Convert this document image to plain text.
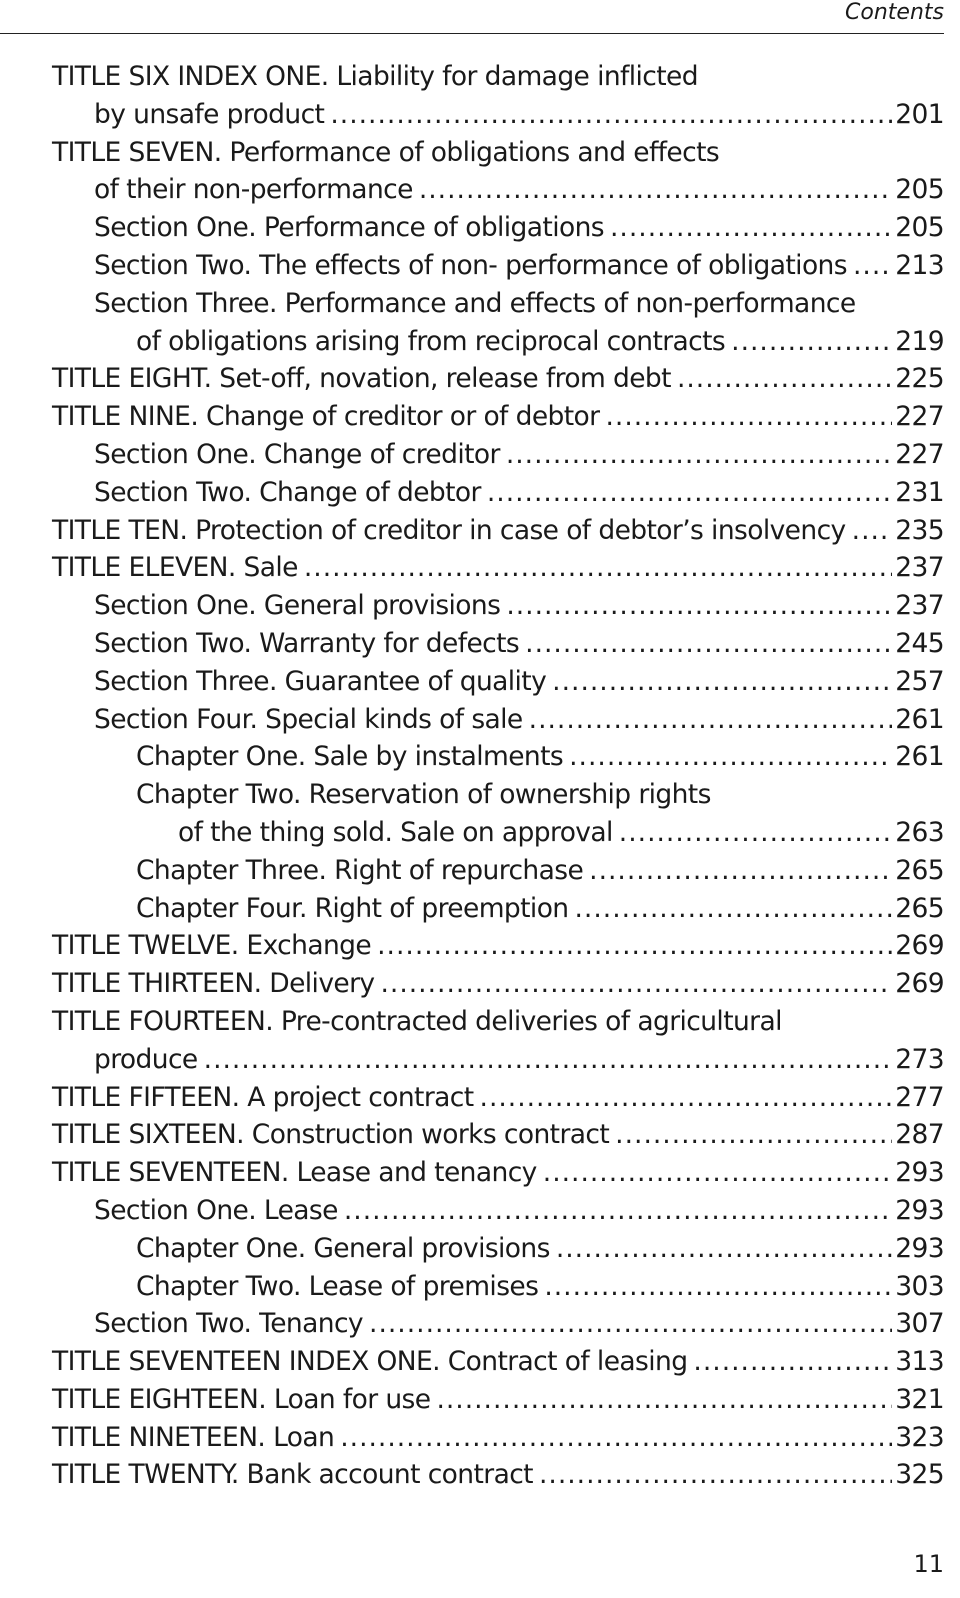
Contents
TITLE SIX INDEX ONE. Liability for damage inflicted
by unsafe product .....	201
TITLE SEVEN. Performance of obligations and effects
of their non-performance .....	205
Section One. Performance of obligations .....	205
Section Two. The effects of non- performance of obligations ..... 213
Section Three. Performance and effects of non-performance
of obligations arising from reciprocal contracts .....	219
TITLE EIGHT. Set-off, novation, release from debt .....	225
TITLE NINE. Change of creditor or of debtor .....	227
Section One. Change of creditor .....	227
Section Two. Change of debtor .....	231
TITLE TEN. Protection of creditor in case of debtor’s insolvency ..... 235
TITLE ELEVEN. Sale .....	237
Section One. General provisions .....	237
Section Two. Warranty for defects .....	245
Section Three. Guarantee of quality .....	257
Section Four. Special kinds of sale .....	261
Chapter One. Sale by instalments .....	261
Chapter Two. Reservation of ownership rights
of the thing sold. Sale on approval .....	263
Chapter Three. Right of repurchase .....	265
Chapter Four. Right of preemption .....	265
TITLE TWELVE. Exchange .....	269
TITLE THIRTEEN. Delivery .....	269
TITLE FOURTEEN. Pre-contracted deliveries of agricultural
produce .....	273
TITLE FIFTEEN. A project contract .....	277
TITLE SIXTEEN. Construction works contract .....	287
TITLE SEVENTEEN. Lease and tenancy .....	293
Section One. Lease .....	293
Chapter One. General provisions .....	293
Chapter Two. Lease of premises .....	303
Section Two. Tenancy .....	307
TITLE SEVENTEEN INDEX ONE. Contract of leasing .....	313
TITLE EIGHTEEN. Loan for use .....	321
TITLE NINETEEN. Loan .....	323
TITLE TWENTY. Bank account contract .....	325
11
